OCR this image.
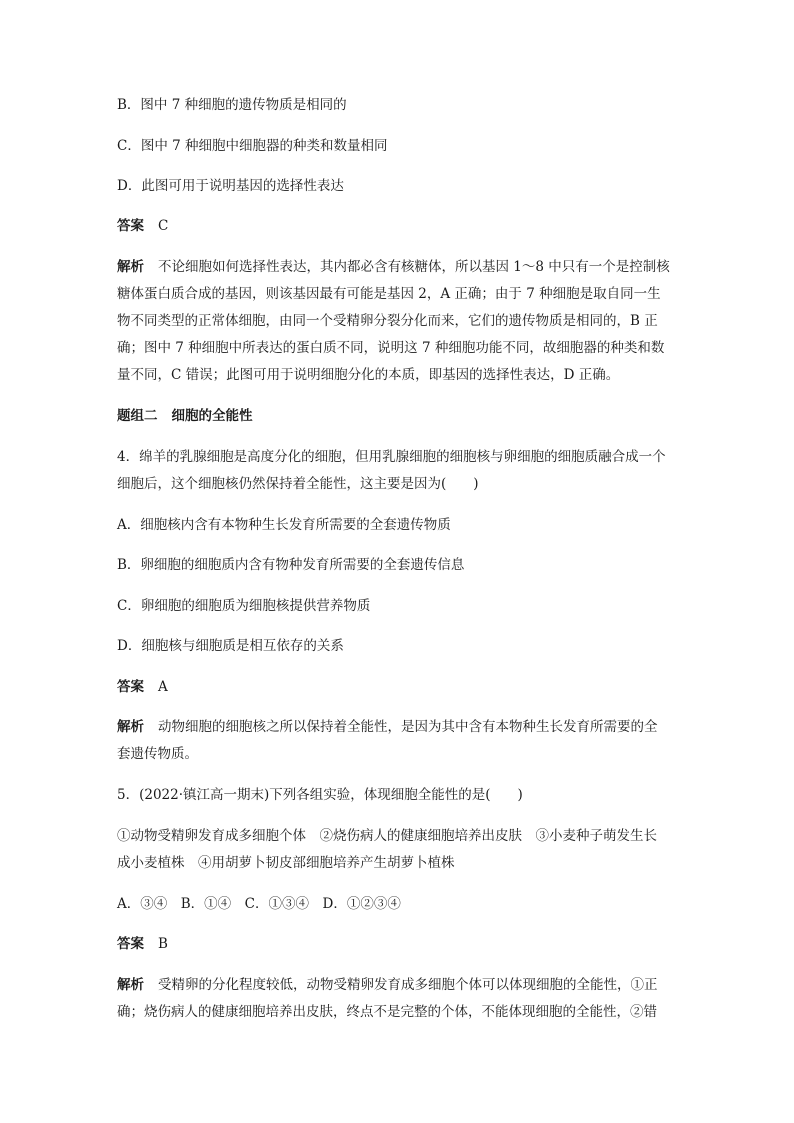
B．图中 7 种细胞的遗传物质是相同的

C．图中 7 种细胞中细胞器的种类和数量相同

D．此图可用于说明基因的选择性表达

答案 C

解析 不论细胞如何选择性表达，其内都必含有核糖体，所以基因 1～8 中只有一个是控制核

糖体蛋白质合成的基因，则该基因最有可能是基因 2，A 正确；由于 7 种细胞是取自同一生

物不同类型的正常体细胞，由同一个受精卵分裂分化而来，它们的遗传物质是相同的，B 正

确；图中 7 种细胞中所表达的蛋白质不同，说明这 7 种细胞功能不同，故细胞器的种类和数

量不同，C 错误；此图可用于说明细胞分化的本质，即基因的选择性表达，D 正确。

题组二 细胞的全能性

4．绵羊的乳腺细胞是高度分化的细胞，但用乳腺细胞的细胞核与卵细胞的细胞质融合成一个

细胞后，这个细胞核仍然保持着全能性，这主要是因为(　　)

A．细胞核内含有本物种生长发育所需要的全套遗传物质

B．卵细胞的细胞质内含有物种发育所需要的全套遗传信息

C．卵细胞的细胞质为细胞核提供营养物质

D．细胞核与细胞质是相互依存的关系

答案 A

解析 动物细胞的细胞核之所以保持着全能性，是因为其中含有本物种生长发育所需要的全

套遗传物质。

5．(2022·镇江高一期末)下列各组实验，体现细胞全能性的是(　　)

①动物受精卵发育成多细胞个体　②烧伤病人的健康细胞培养出皮肤　③小麦种子萌发生长

成小麦植株　④用胡萝卜韧皮部细胞培养产生胡萝卜植株

A．③④　B．①④　C．①③④　D．①②③④

答案 B

解析 受精卵的分化程度较低，动物受精卵发育成多细胞个体可以体现细胞的全能性，①正

确；烧伤病人的健康细胞培养出皮肤，终点不是完整的个体，不能体现细胞的全能性，②错
